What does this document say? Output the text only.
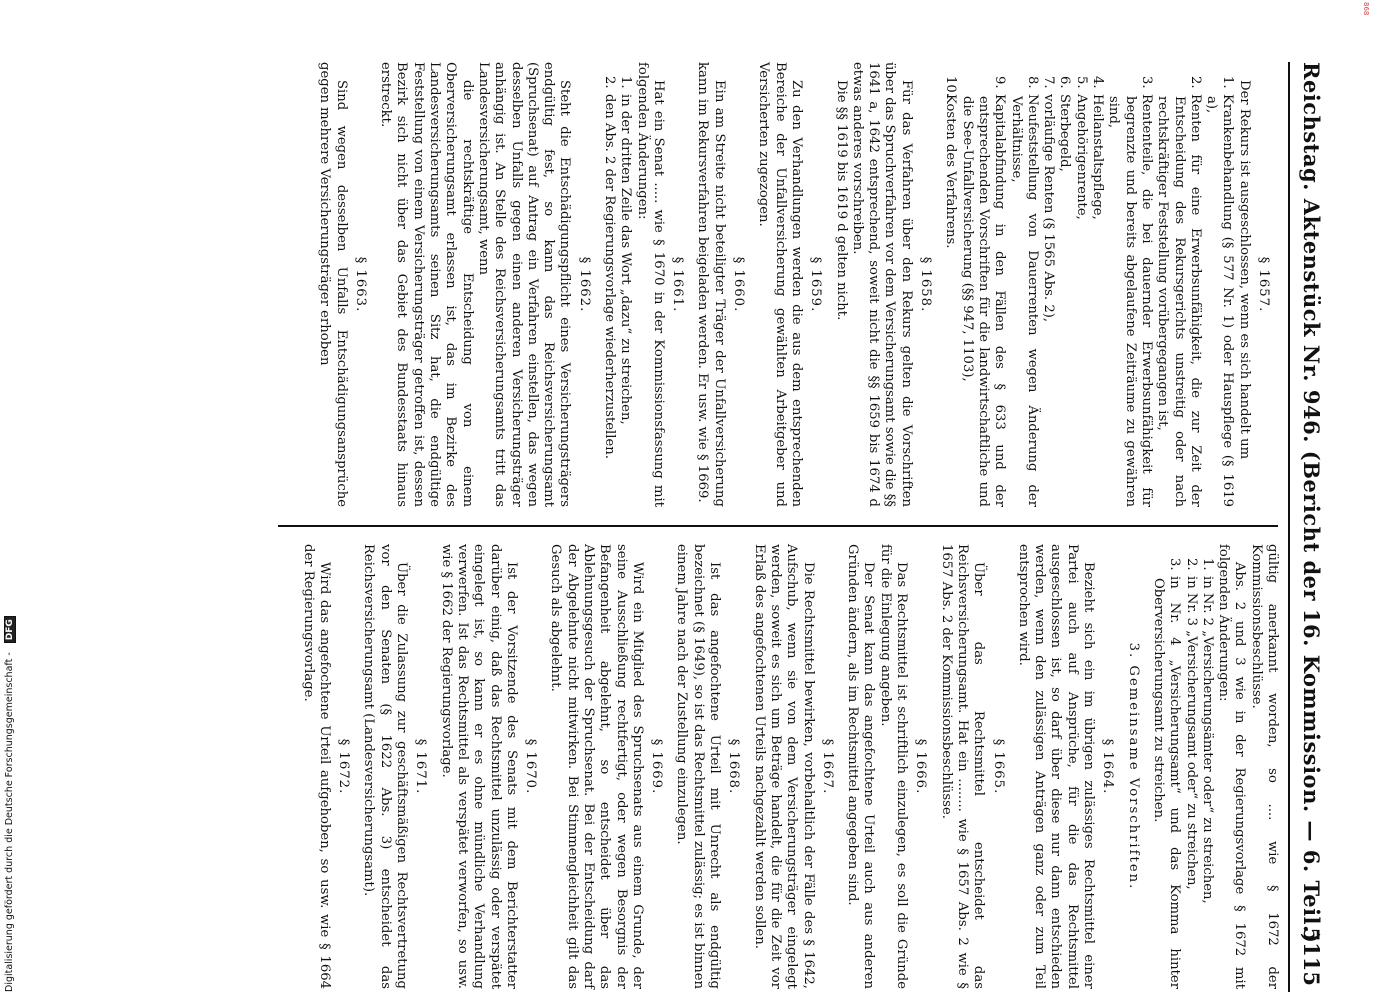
Reichstag. Aktenstück Nr. 946. (Bericht der 16. Kommission. — 6. Teil.)
5115
§ 1657.

Der Rekurs ist ausgeschlossen, wenn es sich handelt um

1.Krankenbehandlung (§ 577 Nr. 1) oder Hauspflege (§ 1619 a),

2.Renten für eine Erwerbsunfähigkeit, die zur Zeit der Entscheidung des Rekursgerichts unstreitig oder nach rechtskräftiger Feststellung vorübergegangen ist,

3.Rententeile, die bei dauernder Erwerbsunfähigkeit für begrenzte und bereits abgelaufene Zeiträume zu gewähren sind,

4.Heilanstaltspflege,

5.Angehörigenrente,

6.Sterbegeld,

7.vorläufige Renten (§ 1565 Abs. 2),

8.Neufeststellung von Dauerrenten wegen Änderung der Verhältnisse,

9.Kapitalabfindung in den Fällen des § 633 und der entsprechenden Vorschriften für die landwirtschaftliche und die See-Unfallversicherung (§§ 947, 1103),

10.Kosten des Verfahrens.

§ 1658.

Für das Verfahren über den Rekurs gelten die Vorschriften über das Spruchverfahren vor dem Versicherungsamt sowie die §§ 1641 a, 1642 entsprechend, soweit nicht die §§ 1659 bis 1674 d etwas anderes vorschreiben.

Die §§ 1619 bis 1619 d gelten nicht.

§ 1659.

Zu den Verhandlungen werden die aus dem entsprechenden Bereiche der Unfallversicherung gewählten Arbeitgeber und Versicherten zugezogen.

§ 1660.

Ein am Streite nicht beteiligter Träger der Unfallversicherung kann im Rekursverfahren beigeladen werden. Er usw. wie § 1669.

§ 1661.

Hat ein Senat ..... wie § 1670 in der Kommissionsfassung mit folgenden Änderungen:

1.in der dritten Zeile das Wort „dazu“ zu streichen,

2.den Abs. 2 der Regierungsvorlage wiederherzustellen.

§ 1662.

Steht die Entschädigungspflicht eines Versicherungsträgers endgültig fest, so kann das Reichsversicherungsamt (Spruchsenat) auf Antrag ein Verfahren einstellen, das wegen desselben Unfalls gegen einen anderen Versicherungsträger anhängig ist. An Stelle des Reichsversicherungsamts tritt das Landesversicherungsamt, wenn

die rechtskräftige Entscheidung von einem Oberversicherungsamt erlassen ist, das im Bezirke des Landesversicherungsamts seinen Sitz hat, die endgültige Feststellung von einem Versicherungsträger getroffen ist, dessen Bezirk sich nicht über das Gebiet des Bundesstaats hinaus erstreckt.

§ 1663.

Sind wegen desselben Unfalls Entschädigungsansprüche gegen mehrere Versicherungsträger erhoben

gültig anerkannt worden, so .... wie § 1672 der Kommissionsbeschlüsse.

Abs. 2 und 3 wie in der Regierungsvorlage § 1672 mit folgenden Änderungen:

1.in Nr. 2 „Versicherungsämter oder“ zu streichen,

2.in Nr. 3 „Versicherungsamt oder“ zu streichen,

3.in Nr. 4 „Versicherungsamt“ und das Komma hinter Oberversicherungsamt zu streichen.

3. Gemeinsame Vorschriften.
§ 1664.

Bezieht sich ein im übrigen zulässiges Rechtsmittel einer Partei auch auf Ansprüche, für die das Rechtsmittel ausgeschlossen ist, so darf über diese nur dann entschieden werden, wenn den zulässigen Anträgen ganz oder zum Teil entsprochen wird.

§ 1665.

Über das Rechtsmittel entscheidet das Reichsversicherungsamt. Hat ein ........ wie § 1657 Abs. 2 wie § 1657 Abs. 2 der Kommissionsbeschlüsse.

§ 1666.

Das Rechtsmittel ist schriftlich einzulegen, es soll die Gründe für die Einlegung angeben.

Der Senat kann das angefochtene Urteil auch aus anderen Gründen ändern, als im Rechtsmittel angegeben sind.

§ 1667.

Die Rechtsmittel bewirken, vorbehaltlich der Fälle des § 1642, Aufschub, wenn sie von dem Versicherungsträger eingelegt werden, soweit es sich um Beträge handelt, die für die Zeit vor Erlaß des angefochtenen Urteils nachgezahlt werden sollen.

§ 1668.

Ist das angefochtene Urteil mit Unrecht als endgültig bezeichnet (§ 1649), so ist das Rechtsmittel zulässig; es ist binnen einem Jahre nach der Zustellung einzulegen.

§ 1669.

Wird ein Mitglied des Spruchsenats aus einem Grunde, der seine Ausschließung rechtfertigt, oder wegen Besorgnis der Befangenheit abgelehnt, so entscheidet über das Ablehnungsgesuch der Spruchsenat. Bei der Entscheidung darf der Abgelehnte nicht mitwirken. Bei Stimmengleichheit gilt das Gesuch als abgelehnt.

§ 1670.

Ist der Vorsitzende des Senats mit dem Berichterstatter darüber einig, daß das Rechtsmittel unzulässig oder verspätet eingelegt ist, so kann er es ohne mündliche Verhandlung verwerfen. Ist das Rechtsmittel als verspätet verworfen, so usw. wie § 1662 der Regierungsvorlage.

§ 1671.

Über die Zulassung zur geschäftsmäßigen Rechtsvertretung vor den Senaten (§ 1622 Abs. 3) entscheidet das Reichsversicherungsamt (Landesversicherungsamt).

§ 1672.

Wird das angefochtene Urteil aufgehoben, so usw. wie § 1664 der Regierungsvorlage.

Digitalisierung gefördert durch die Deutsche Forschungsgemeinschaft - DFG
868
